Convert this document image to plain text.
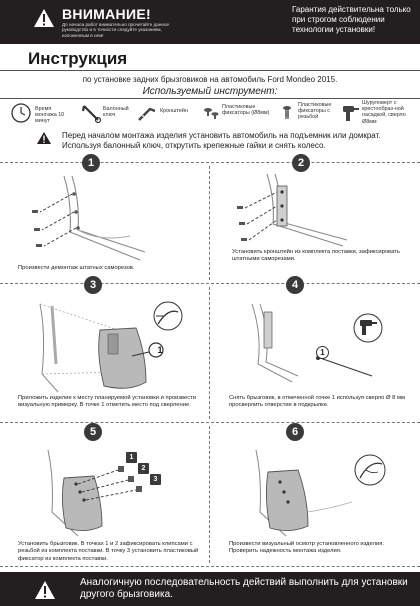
ВНИМАНИЕ!
До начала работ внимательно прочитайте данное руководство и в точности следуйте указаниям, изложенным в нем!
Гарантия действительна только при строгом соблюдении технологии установки!
Инструкция
по установке задних брызговиков на автомобиль Ford Mondeo 2015.
Используемый инструмент:
Время монтажа 10 минут
Балонный ключ
Кронштейн
Пластиковые фиксаторы (Ø8мм)
Пластиковые фиксаторы с резьбой
Шуруповерт с крестообраз-ной насадкой, сверло Ø8мм
Перед началом монтажа изделия установить автомобиль на подъемник или домкрат. Используя балонный ключ, открутить крепежные гайки и снять колесо.
1
Произвести демонтаж штатных саморезов.
2
Установить кронштейн из комплекта поставки, зафиксировать штатными саморезами.
3
1
Приложить изделие к месту планируемой установки и произвести визуальную примерку. В точке 1 отметить место под сверление.
4
1
Снять брызговик, в отмеченной точке 1 используя сверло Ø 8 мм просверлить отверстие в подкрылке.
5
1
2
3
Установить брызговик. В точках 1 и 2 зафиксировать клипсами с резьбой из комплекта поставки. В точку 3 установить пластиковый фиксатор из комплекта поставки.
6
Произвести визуальный осмотр установленного изделия. Проверить надежность монтажа изделия.
Аналогичную последовательность действий выполнить для установки другого брызговика.
